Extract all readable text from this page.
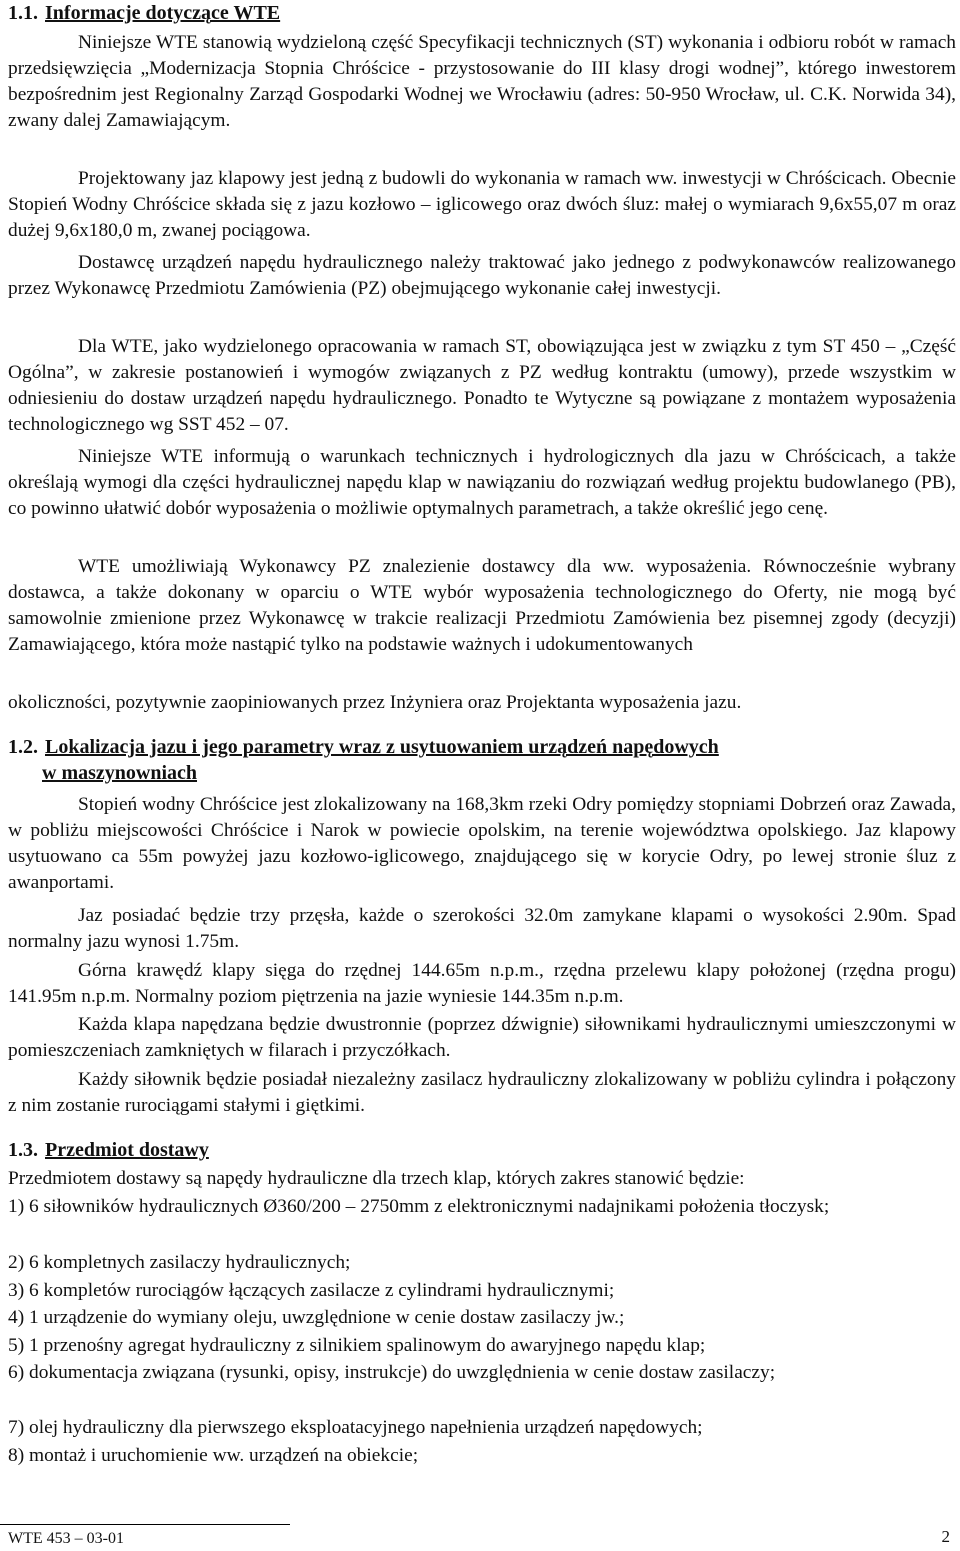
1.1. Informacje dotyczące WTE

Niniejsze WTE stanowią wydzieloną część Specyfikacji technicznych (ST) wykonania i odbioru robót w ramach przedsięwzięcia „Modernizacja Stopnia Chróścice - przystosowanie do III klasy drogi wodnej”, którego inwestorem bezpośrednim jest Regionalny Zarząd Gospodarki Wodnej we Wrocławiu (adres: 50-950 Wrocław, ul. C.K. Norwida 34), zwany dalej Zamawiającym.

Projektowany jaz klapowy jest jedną z budowli do wykonania w ramach ww. inwestycji w Chróścicach. Obecnie Stopień Wodny Chróścice składa się z jazu kozłowo – iglicowego oraz dwóch śluz: małej o wymiarach 9,6x55,07 m oraz dużej 9,6x180,0 m, zwanej pociągowa.

Dostawcę urządzeń napędu hydraulicznego należy traktować jako jednego z podwykonawców realizowanego przez Wykonawcę Przedmiotu Zamówienia (PZ) obejmującego wykonanie całej inwestycji.

Dla WTE, jako wydzielonego opracowania w ramach ST, obowiązująca jest w związku z tym ST 450 – „Część Ogólna”, w zakresie postanowień i wymogów związanych z PZ według kontraktu (umowy), przede wszystkim w odniesieniu do dostaw urządzeń napędu hydraulicznego. Ponadto te Wytyczne są powiązane z montażem wyposażenia technologicznego wg SST 452 – 07.

Niniejsze WTE informują o warunkach technicznych i hydrologicznych dla jazu w Chróścicach, a także określają wymogi dla części hydraulicznej napędu klap w nawiązaniu do rozwiązań według projektu budowlanego (PB), co powinno ułatwić dobór wyposażenia o możliwie optymalnych parametrach, a także określić jego cenę.

WTE umożliwiają Wykonawcy PZ znalezienie dostawcy dla ww. wyposażenia. Równocześnie wybrany dostawca, a także dokonany w oparciu o WTE wybór wyposażenia technologicznego do Oferty, nie mogą być samowolnie zmienione przez Wykonawcę w trakcie realizacji Przedmiotu Zamówienia bez pisemnej zgody (decyzji) Zamawiającego, która może nastąpić tylko na podstawie ważnych i udokumentowanych

okoliczności, pozytywnie zaopiniowanych przez Inżyniera oraz Projektanta wyposażenia jazu.

1.2. Lokalizacja jazu i jego parametry wraz z usytuowaniem urządzeń napędowych
w maszynowniach

Stopień wodny Chróścice jest zlokalizowany na 168,3km rzeki Odry pomiędzy stopniami Dobrzeń oraz Zawada, w pobliżu miejscowości Chróścice i Narok w powiecie opolskim, na terenie województwa opolskiego. Jaz klapowy usytuowano ca 55m powyżej jazu kozłowo-iglicowego, znajdującego się w korycie Odry, po lewej stronie śluz z awanportami.

Jaz posiadać będzie trzy przęsła, każde o szerokości 32.0m zamykane klapami o wysokości 2.90m. Spad normalny jazu wynosi 1.75m.

Górna krawędź klapy sięga do rzędnej 144.65m n.p.m., rzędna przelewu klapy położonej (rzędna progu) 141.95m n.p.m. Normalny poziom piętrzenia na jazie wyniesie 144.35m n.p.m.

Każda klapa napędzana będzie dwustronnie (poprzez dźwignie) siłownikami hydraulicznymi umieszczonymi w pomieszczeniach zamkniętych w filarach i przyczółkach.

Każdy siłownik będzie posiadał niezależny zasilacz hydrauliczny zlokalizowany w pobliżu cylindra i połączony z nim zostanie rurociągami stałymi i giętkimi.

1.3. Przedmiot dostawy

Przedmiotem dostawy są napędy hydrauliczne dla trzech klap, których zakres stanowić będzie:

1) 6 siłowników hydraulicznych Ø360/200 – 2750mm z elektronicznymi nadajnikami położenia tłoczysk;

2) 6 kompletnych zasilaczy hydraulicznych;

3) 6 kompletów rurociągów łączących zasilacze z cylindrami hydraulicznymi;

4) 1 urządzenie do wymiany oleju, uwzględnione w cenie dostaw zasilaczy jw.;

5) 1 przenośny agregat hydrauliczny z silnikiem spalinowym do awaryjnego napędu klap;

6) dokumentacja związana (rysunki, opisy, instrukcje) do uwzględnienia w cenie dostaw zasilaczy;

7) olej hydrauliczny dla pierwszego eksploatacyjnego napełnienia urządzeń napędowych;

8) montaż i uruchomienie ww. urządzeń na obiekcie;

WTE 453 – 03-01	2
